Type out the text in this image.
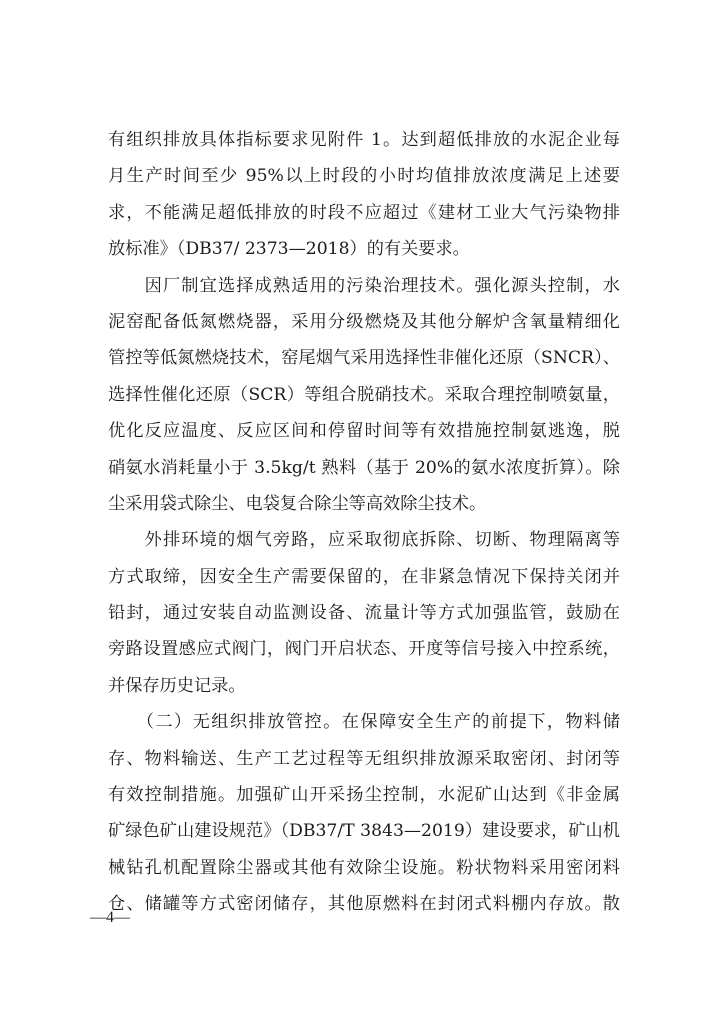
有组织排放具体指标要求见附件 1。达到超低排放的水泥企业每
月生产时间至少 95%以上时段的小时均值排放浓度满足上述要
求，不能满足超低排放的时段不应超过《建材工业大气污染物排
放标准》（DB37/ 2373—2018）的有关要求。
　　因厂制宜选择成熟适用的污染治理技术。强化源头控制，水
泥窑配备低氮燃烧器，采用分级燃烧及其他分解炉含氧量精细化
管控等低氮燃烧技术，窑尾烟气采用选择性非催化还原（SNCR）、
选择性催化还原（SCR）等组合脱硝技术。采取合理控制喷氨量，
优化反应温度、反应区间和停留时间等有效措施控制氨逃逸，脱
硝氨水消耗量小于 3.5kg/t 熟料（基于 20%的氨水浓度折算）。除
尘采用袋式除尘、电袋复合除尘等高效除尘技术。
　　外排环境的烟气旁路，应采取彻底拆除、切断、物理隔离等
方式取缔，因安全生产需要保留的，在非紧急情况下保持关闭并
铅封，通过安装自动监测设备、流量计等方式加强监管，鼓励在
旁路设置感应式阀门，阀门开启状态、开度等信号接入中控系统，
并保存历史记录。
　　（二）无组织排放管控。在保障安全生产的前提下，物料储
存、物料输送、生产工艺过程等无组织排放源采取密闭、封闭等
有效控制措施。加强矿山开采扬尘控制，水泥矿山达到《非金属
矿绿色矿山建设规范》（DB37/T 3843—2019）建设要求，矿山机
械钻孔机配置除尘器或其他有效除尘设施。粉状物料采用密闭料
仓、储罐等方式密闭储存，其他原燃料在封闭式料棚内存放。散
—4—
